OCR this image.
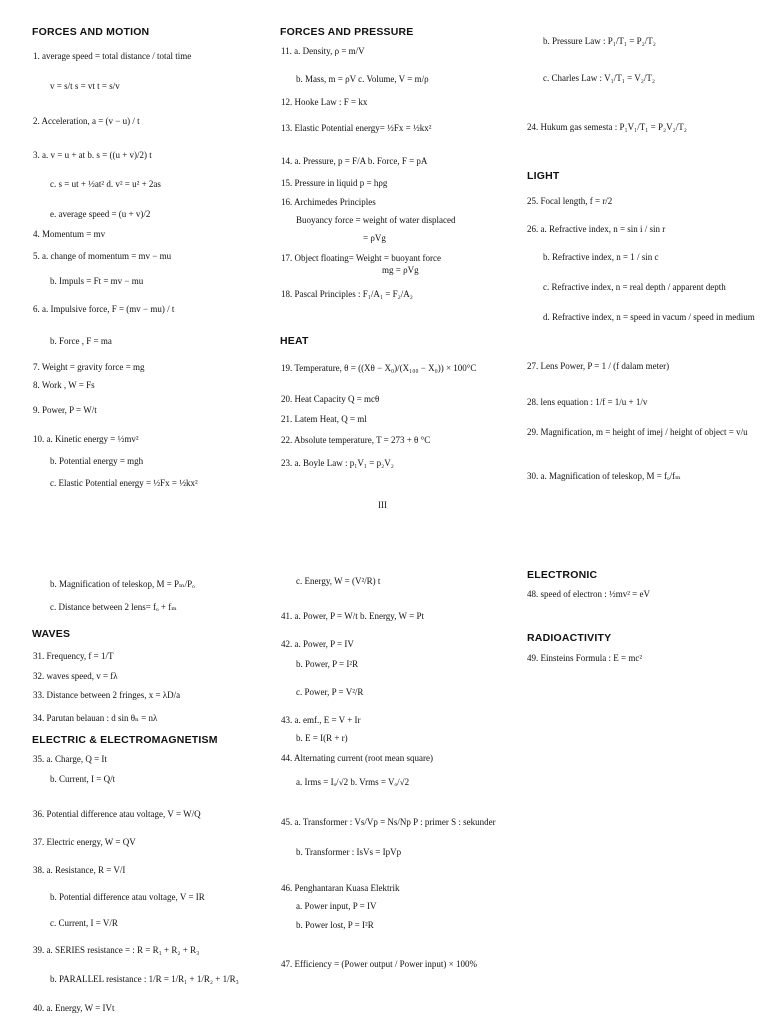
FORCES AND MOTION	FORCES AND PRESSURE
LIGHT
HEAT
WAVES
ELECTRIC & ELECTROMAGNETISM
ELECTRONIC
RADIOACTIVITY
III
1. average speed = total distance / total time
v = s/t s = vt t = s/v
2. Acceleration, a = (v − u) / t
3. a. v = u + at b. s = ((u + v)/2) t
c. s = ut + ½at² d. v² = u² + 2as
e. average speed = (u + v)/2
4. Momentum = mv
5. a. change of momentum = mv − mu
b. Impuls = Ft = mv − mu
6. a. Impulsive force, F = (mv − mu) / t
b. Force , F = ma
7. Weight = gravity force = mg
8. Work , W = Fs
9. Power, P = W/t
10. a. Kinetic energy = ½mv²
b. Potential energy = mgh
c. Elastic Potential energy = ½Fx = ½kx²
11. a. Density, ρ = m/V
b. Mass, m = ρV c. Volume, V = m/ρ
12. Hooke Law : F = kx
13. Elastic Potential energy= ½Fx = ½kx²
14. a. Pressure, p = F/A b. Force, F = pA
15. Pressure in liquid p = hρg
16. Archimedes Principles
Buoyancy force = weight of water displaced
= ρVg
17. Object floating= Weight = buoyant force
mg = ρVg
18. Pascal Principles : F₁/A₁ = F₂/A₂
19. Temperature, θ = ((Xθ − X₀)/(X₁₀₀ − X₀)) × 100°C
20. Heat Capacity Q = mcθ
21. Latem Heat, Q = ml
22. Absolute temperature, T = 273 + θ °C
23. a. Boyle Law : p₁V₁ = p₂V₂
b. Pressure Law : P₁/T₁ = P₂/T₂
c. Charles Law : V₁/T₁ = V₂/T₂
24. Hukum gas semesta : P₁V₁/T₁ = P₂V₂/T₂
25. Focal length, f = r/2
26. a. Refractive index, n = sin i / sin r
b. Refractive index, n = 1 / sin c
c. Refractive index, n = real depth / apparent depth
d. Refractive index, n = speed in vacum / speed in medium
27. Lens Power, P = 1 / (f dalam meter)
28. lens equation : 1/f = 1/u + 1/v
29. Magnification, m = height of imej / height of object = v/u
30. a. Magnification of teleskop, M = fₒ/fₘ
b. Magnification of teleskop, M = Pₘ/Pₒ
c. Distance between 2 lens= fₒ + fₘ
31. Frequency, f = 1/T
32. waves speed, v = fλ
33. Distance between 2 fringes, x = λD/a
34. Parutan belauan : d sin θₙ = nλ
35. a. Charge, Q = It
b. Current, I = Q/t
36. Potential difference atau voltage, V = W/Q
37. Electric energy, W = QV
38. a. Resistance, R = V/I
b. Potential difference atau voltage, V = IR
c. Current, I = V/R
39. a. SERIES resistance = : R = R₁ + R₂ + R₃
b. PARALLEL resistance : 1/R = 1/R₁ + 1/R₂ + 1/R₃
40. a. Energy, W = IVt
c. Energy, W = (V²/R) t
41. a. Power, P = W/t b. Energy, W = Pt
42. a. Power, P = IV
b. Power, P = I²R
c. Power, P = V²/R
43. a. emf., E = V + Ir
b. E = I(R + r)
44. Alternating current (root mean square)
a. Irms = Iₒ/√2 b. Vrms = Vₒ/√2
45. a. Transformer : Vs/Vp = Ns/Np P : primer S : sekunder
b. Transformer : IsVs = IpVp
46. Penghantaran Kuasa Elektrik
a. Power input, P = IV
b. Power lost, P = I²R
47. Efficiency = (Power output / Power input) × 100%
48. speed of electron : ½mv² = eV
49. Einsteins Formula : E = mc²
